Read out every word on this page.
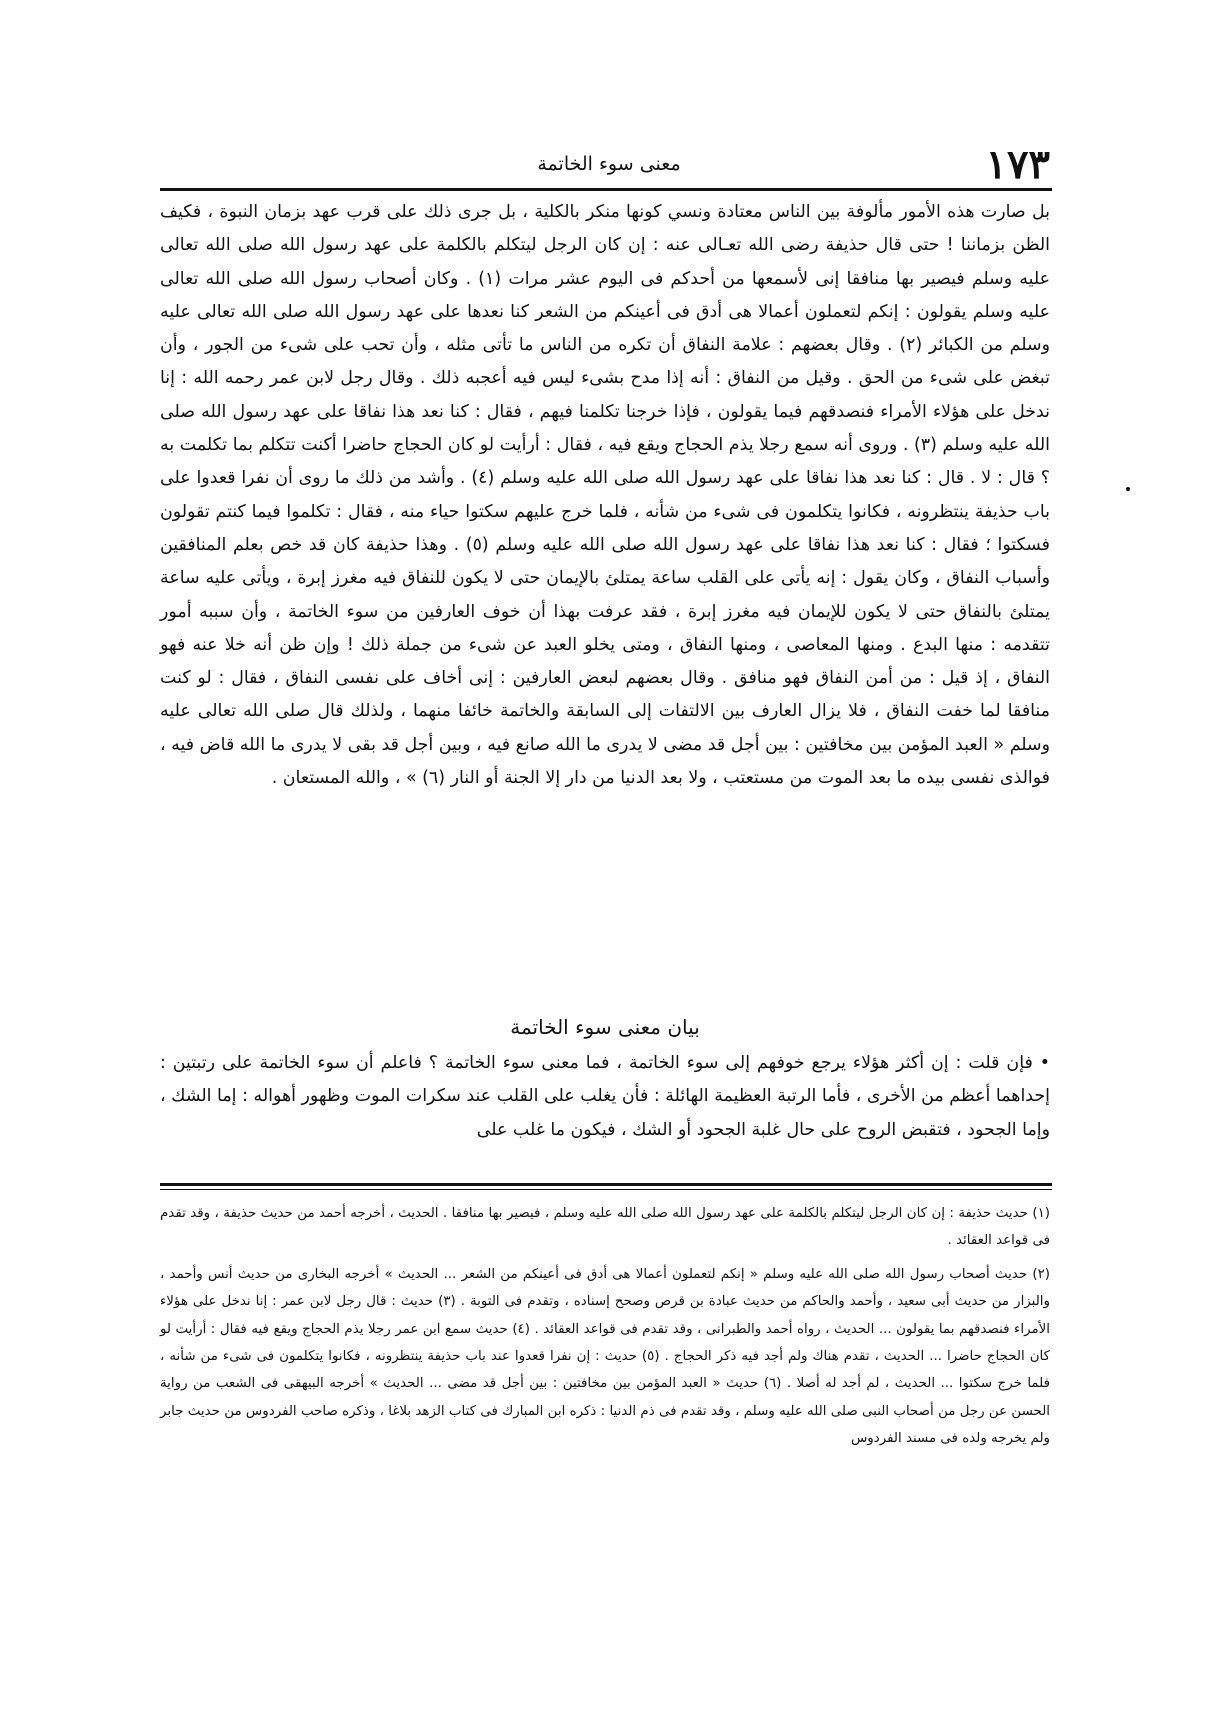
١٧٣
معنى سوء الخاتمة

بل صارت هذه الأمور مألوفة بين الناس معتادة ونسي كونها منكر بالكلية ، بل جرى ذلك على قرب عهد بزمان النبوة ، فكيف الظن بزماننا ! حتى قال حذيفة رضى الله تعـالى عنه : إن كان الرجل ليتكلم بالكلمة على عهد رسول الله صلى الله تعالى عليه وسلم فيصير بها منافقا إنى لأسمعها من أحدكم فى اليوم عشر مرات (١) . وكان أصحاب رسول الله صلى الله تعالى عليه وسلم يقولون : إنكم لتعملون أعمالا هى أدق فى أعينكم من الشعر كنا نعدها على عهد رسول الله صلى الله تعالى عليه وسلم من الكبائر (٢) . وقال بعضهم : علامة النفاق أن تكره من الناس ما تأتى مثله ، وأن تحب على شىء من الجور ، وأن تبغض على شىء من الحق . وقيل من النفاق : أنه إذا مدح بشىء ليس فيه أعجبه ذلك . وقال رجل لابن عمر رحمه الله : إنا ندخل على هؤلاء الأمراء فنصدقهم فيما يقولون ، فإذا خرجنا تكلمنا فيهم ، فقال : كنا نعد هذا نفاقا على عهد رسول الله صلى الله عليه وسلم (٣) . وروى أنه سمع رجلا يذم الحجاج ويقع فيه ، فقال : أرأيت لو كان الحجاج حاضرا أكنت تتكلم بما تكلمت به ؟ قال : لا . قال : كنا نعد هذا نفاقا على عهد رسول الله صلى الله عليه وسلم (٤) . وأشد من ذلك ما روى أن نفرا قعدوا على باب حذيفة ينتظرونه ، فكانوا يتكلمون فى شىء من شأنه ، فلما خرج عليهم سكتوا حياء منه ، فقال : تكلموا فيما كنتم تقولون فسكتوا ؛ فقال : كنا نعد هذا نفاقا على عهد رسول الله صلى الله عليه وسلم (٥) . وهذا حذيفة كان قد خص بعلم المنافقين وأسباب النفاق ، وكان يقول : إنه يأتى على القلب ساعة يمتلئ بالإيمان حتى لا يكون للنفاق فيه مغرز إبرة ، ويأتى عليه ساعة يمتلئ بالنفاق حتى لا يكون للإيمان فيه مغرز إبرة ، فقد عرفت بهذا أن خوف العارفين من سوء الخاتمة ، وأن سببه أمور تتقدمه : منها البدع . ومنها المعاصى ، ومنها النفاق ، ومتى يخلو العبد عن شىء من جملة ذلك ! وإن ظن أنه خلا عنه فهو النفاق ، إذ قيل : من أمن النفاق فهو منافق . وقال بعضهم لبعض العارفين : إنى أخاف على نفسى النفاق ، فقال : لو كنت منافقا لما خفت النفاق ، فلا يزال العارف بين الالتفات إلى السابقة والخاتمة خائفا منهما ، ولذلك قال صلى الله تعالى عليه وسلم « العبد المؤمن بين مخافتين : بين أجل قد مضى لا يدرى ما الله صانع فيه ، وبين أجل قد بقى لا يدرى ما الله قاض فيه ، فوالذى نفسى بيده ما بعد الموت من مستعتب ، ولا بعد الدنيا من دار إلا الجنة أو النار (٦) » ، والله المستعان .

بيان معنى سوء الخاتمة

• فإن قلت : إن أكثر هؤلاء يرجع خوفهم إلى سوء الخاتمة ، فما معنى سوء الخاتمة ؟ فاعلم أن سوء الخاتمة على رتبتين : إحداهما أعظم من الأخرى ، فأما الرتبة العظيمة الهائلة : فأن يغلب على القلب عند سكرات الموت وظهور أهواله : إما الشك ، وإما الجحود ، فتقبض الروح على حال غلبة الجحود أو الشك ، فيكون ما غلب على

(١) حديث حذيفة : إن كان الرجل ليتكلم بالكلمة على عهد رسول الله صلى الله عليه وسلم ، فيصير بها منافقا . الحديث ، أخرجه أحمد من حديث حذيفة ، وقد تقدم فى قواعد العقائد .

(٢) حديث أصحاب رسول الله صلى الله عليه وسلم « إنكم لتعملون أعمالا هى أدق فى أعينكم من الشعر ... الحديث » أخرجه البخارى من حديث أنس وأحمد ، والبزار من حديث أبى سعيد ، وأحمد والحاكم من حديث عبادة بن قرص وصحح إسناده ، وتقدم فى التوبة . (٣) حديث : قال رجل لابن عمر : إنا ندخل على هؤلاء الأمراء فنصدقهم بما يقولون ... الحديث ، رواه أحمد والطبرانى ، وقد تقدم فى قواعد العقائد . (٤) حديث سمع ابن عمر رجلا يذم الحجاج ويقع فيه فقال : أرأيت لو كان الحجاج حاضرا ... الحديث ، تقدم هناك ولم أجد فيه ذكر الحجاج . (٥) حديث : إن نفرا قعدوا عند باب حذيفة ينتظرونه ، فكانوا يتكلمون فى شىء من شأنه ، فلما خرج سكتوا ... الحديث ، لم أجد له أصلا . (٦) حديث « العبد المؤمن بين مخافتين : بين أجل قد مضى ... الحديث » أخرجه البيهقى فى الشعب من رواية الحسن عن رجل من أصحاب النبى صلى الله عليه وسلم ، وقد تقدم فى ذم الدنيا : ذكره ابن المبارك فى كتاب الزهد بلاغا ، وذكره صاحب الفردوس من حديث جابر ولم يخرجه ولده فى مسند الفردوس
